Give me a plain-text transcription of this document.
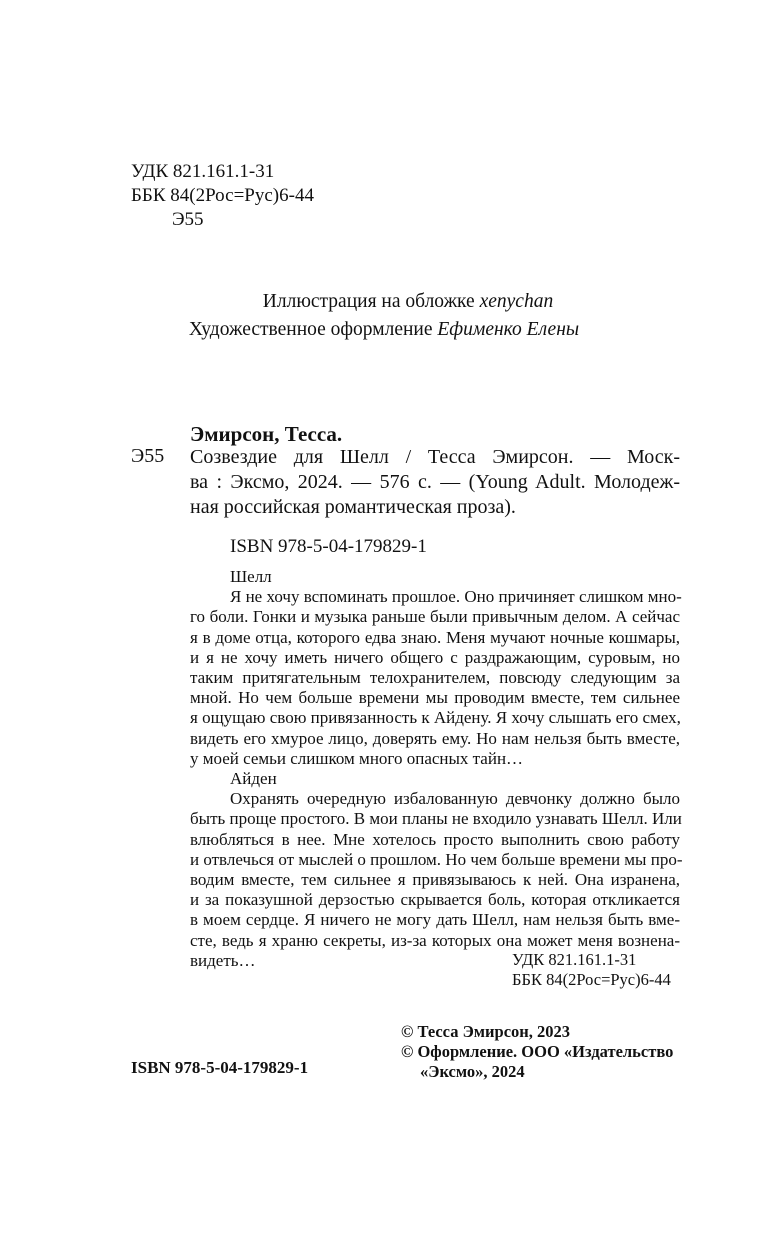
УДК 821.161.1-31
ББК 84(2Рос=Рус)6-44
Э55
Иллюстрация на обложке xenychan
Художественное оформление Ефименко Елены
Эмирсон, Тесса.
Э55 Созвездие для Шелл / Тесса Эмирсон. — Моск-
ва : Эксмо, 2024. — 576 с. — (Young Adult. Молодеж-
ная российская романтическая проза).
ISBN 978-5-04-179829-1
Шелл
Я не хочу вспоминать прошлое. Оно причиняет слишком мно-
го боли. Гонки и музыка раньше были привычным делом. А сейчас
я в доме отца, которого едва знаю. Меня мучают ночные кошмары,
и я не хочу иметь ничего общего с раздражающим, суровым, но
таким притягательным телохранителем, повсюду следующим за
мной. Но чем больше времени мы проводим вместе, тем сильнее
я ощущаю свою привязанность к Айдену. Я хочу слышать его смех,
видеть его хмурое лицо, доверять ему. Но нам нельзя быть вместе,
у моей семьи слишком много опасных тайн…
Айден
Охранять очередную избалованную девчонку должно было
быть проще простого. В мои планы не входило узнавать Шелл. Или
влюбляться в нее. Мне хотелось просто выполнить свою работу
и отвлечься от мыслей о прошлом. Но чем больше времени мы про-
водим вместе, тем сильнее я привязываюсь к ней. Она изранена,
и за показушной дерзостью скрывается боль, которая откликается
в моем сердце. Я ничего не могу дать Шелл, нам нельзя быть вме-
сте, ведь я храню секреты, из-за которых она может меня вознена-
видеть…	УДК 821.161.1-31
ББК 84(2Рос=Рус)6-44
© Тесса Эмирсон, 2023
© Оформление. ООО «Издательство
«Эксмо», 2024
ISBN 978-5-04-179829-1
